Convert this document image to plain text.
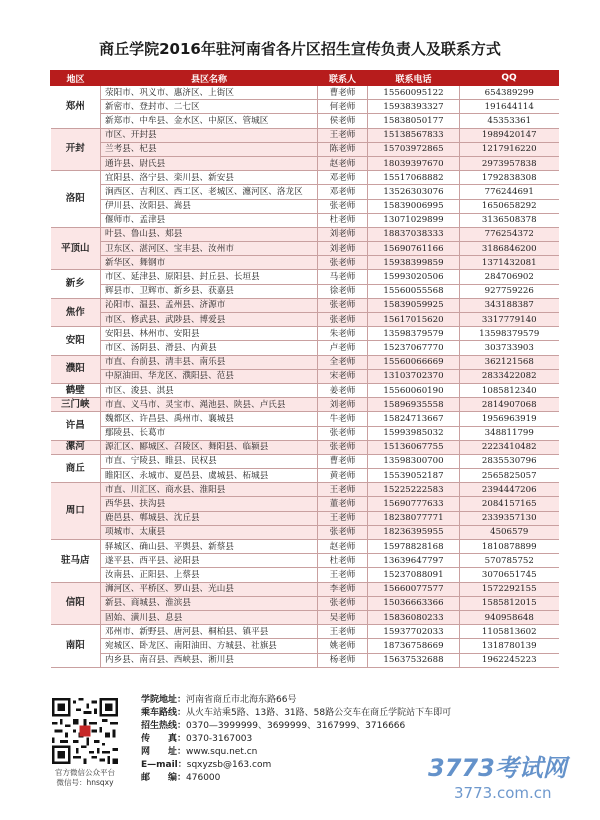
商丘学院2016年驻河南省各片区招生宣传负责人及联系方式
地区	县区名称	联系人	联系电话	QQ
郑州	荥阳市、巩义市、惠济区、上街区	曹老师	15560095122	654389299
	新密市、登封市、二七区	何老师	15938393327	191644114
	新郑市、中牟县、金水区、中原区、管城区	侯老师	15838050177	45353361
开封	市区、开封县	王老师	15138567833	1989420147
	兰考县、杞县	陈老师	15703972865	1217916220
	通许县、尉氏县	赵老师	18039397670	2973957838
洛阳	宜阳县、洛宁县、栾川县、新安县	邓老师	15517068882	1792838308
	涧西区、吉利区、西工区、老城区、瀍河区、洛龙区	邓老师	13526303076	776244691
	伊川县、汝阳县、嵩县	张老师	15839006995	1650658292
	偃师市、孟津县	杜老师	13071029899	3136508378
平顶山	叶县、鲁山县、郏县	刘老师	18837038333	776254372
	卫东区、湛河区、宝丰县、汝州市	刘老师	15690761166	3186846200
	新华区、舞钢市	张老师	15938399859	1371432081
新乡	市区、延津县、原阳县、封丘县、长垣县	马老师	15993020506	284706902
	辉县市、卫辉市、新乡县、获嘉县	徐老师	15560055568	927759226
焦作	沁阳市、温县、孟州县、济源市	张老师	15839059925	343188387
	市区、修武县、武陟县、博爱县	张老师	15617015620	3317779140
安阳	安阳县、林州市、安阳县	朱老师	13598379579	13598379579
	市区、汤阴县、滑县、内黄县	卢老师	15237067770	303733903
濮阳	市直、台前县、清丰县、南乐县	全老师	15560066669	362121568
	中原油田、华龙区、濮阳县、范县	宋老师	13103702370	2833422082
鹤壁	市区、浚县、淇县	姜老师	15560060190	1085812340
三门峡	市直、义马市、灵宝市、渑池县、陕县、卢氏县	刘老师	15896935558	2814907068
许昌	魏都区、许昌县、禹州市、襄城县	牛老师	15824713667	1956963919
	鄢陵县、长葛市	张老师	15993985032	348811799
漯河	源汇区、郾城区、召陵区、舞阳县、临颍县	张老师	15136067755	2223410482
商丘	市直、宁陵县、睢县、民权县	曹老师	13598300700	2835530796
	睢阳区、永城市、夏邑县、虞城县、柘城县	黄老师	15539052187	2565825057
周口	市直、川汇区、商水县、淮阳县	王老师	15225222583	2394447206
	西华县、扶沟县	董老师	15690777633	2084157165
	鹿邑县、郸城县、沈丘县	王老师	18238077771	2339357130
	项城市、太康县	张老师	18236395955	4506579
驻马店	驿城区、确山县、平舆县、新蔡县	赵老师	15978828168	1810878899
	遂平县、西平县、泌阳县	杜老师	13639647797	570785752
	汝南县、正阳县、上蔡县	王老师	15237088091	3070651745
信阳	浉河区、平桥区、罗山县、光山县	李老师	15660077577	1572292155
	新县、商城县、淮滨县	张老师	15036663366	1585812015
	固始、潢川县、息县	吴老师	15836080233	940958648
南阳	邓州市、新野县、唐河县、桐柏县、镇平县	王老师	15937702033	1105813602
	宛城区、卧龙区、南阳油田、方城县、社旗县	姚老师	18736758669	1318780139
	内乡县、南召县、西峡县、淅川县	杨老师	15637532688	1962245223
官方微信公众平台
微信号：hnsqxy
学院地址：河南省商丘市北海东路66号
乘车路线：从火车站乘5路、13路、31路、58路公交车在商丘学院站下车即可
招生热线：0370—3999999、3699999、3167999、3716666
传　　真：0370-3167003
网　　址：www.squ.net.cn
E—mail：sqxyzsb@163.com
邮　　编：476000	3773考试网
3773.com.cn
